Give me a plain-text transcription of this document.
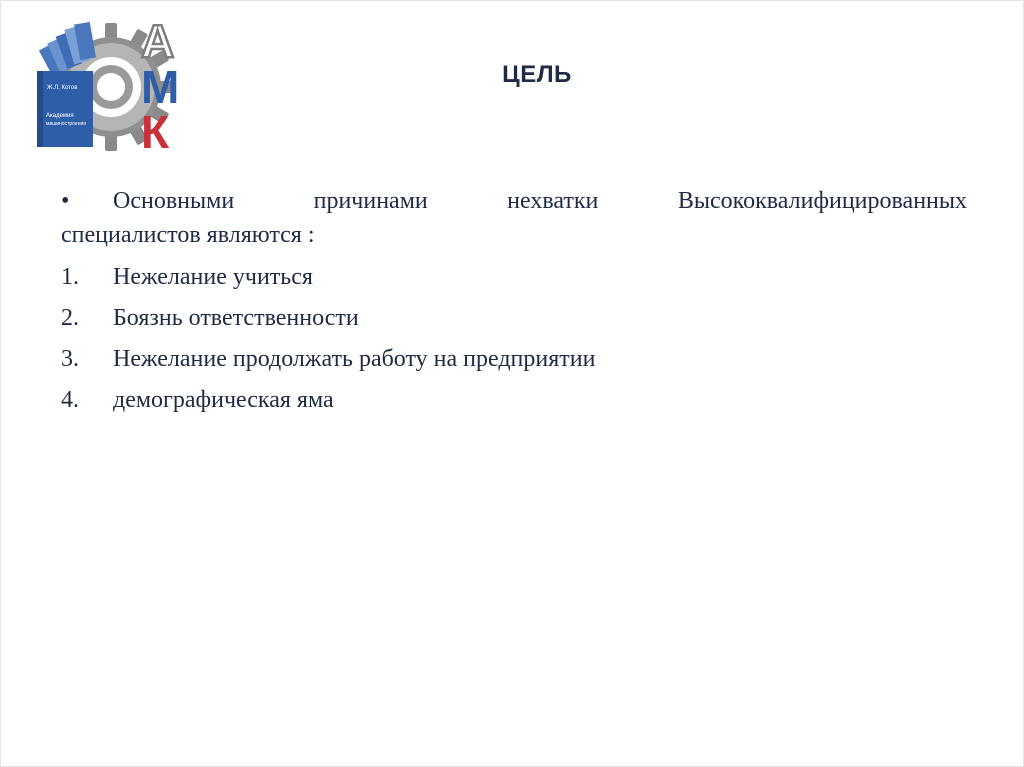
Ж.Л. Котов
Академия
машиностроения
А
М
К
ЦЕЛЬ
•	Основными причинами нехватки Высококвалифицированных
специалистов являются :
1.	Нежелание учиться
2.	Боязнь ответственности
3.	Нежелание продолжать работу на предприятии
4.	демографическая яма
